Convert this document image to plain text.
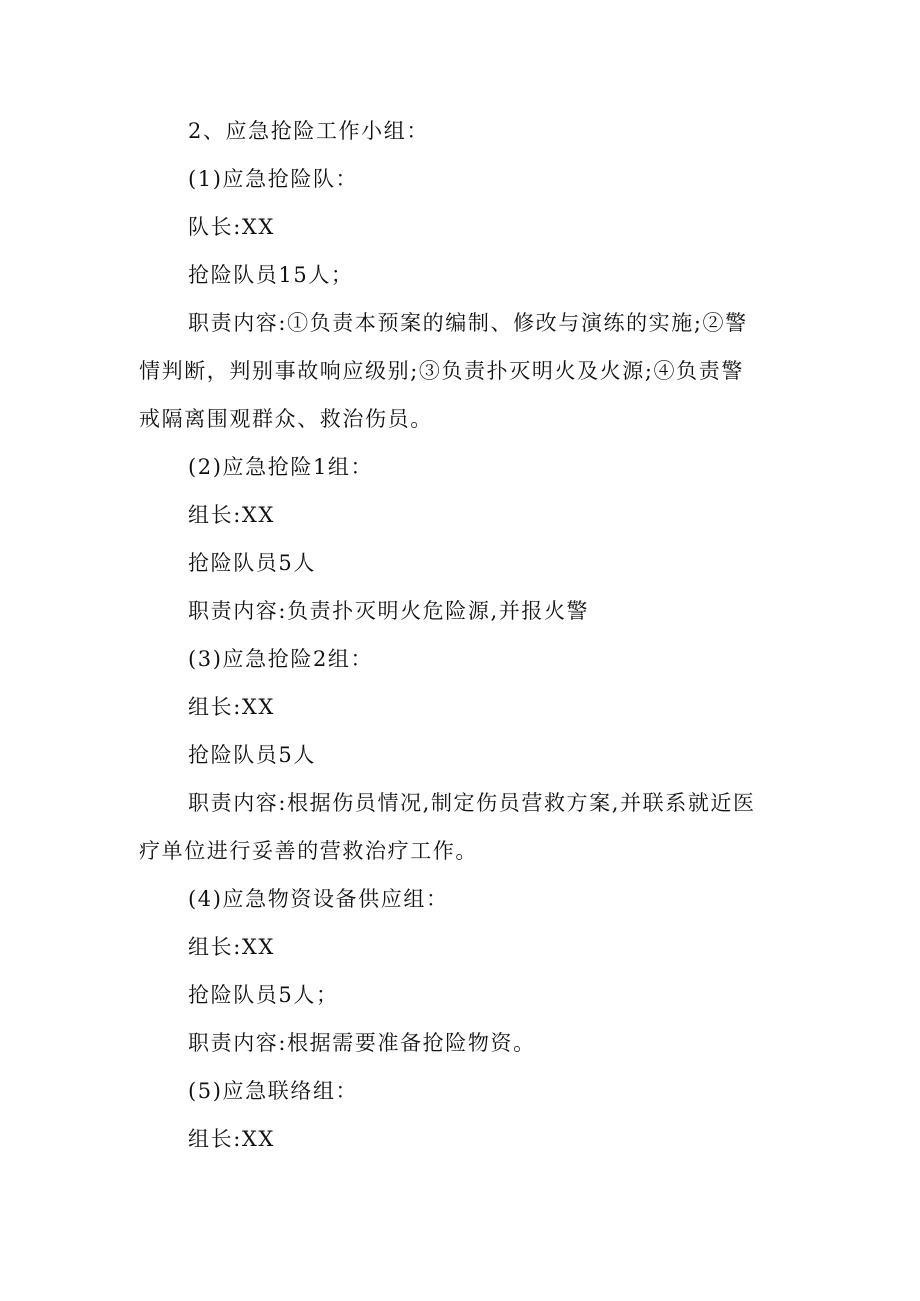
2、应急抢险工作小组：
(1)应急抢险队：
队长:XX
抢险队员15人；
职责内容:①负责本预案的编制、修改与演练的实施;②警
情判断，判别事故响应级别;③负责扑灭明火及火源;④负责警
戒隔离围观群众、救治伤员。
(2)应急抢险1组：
组长:XX
抢险队员5人
职责内容:负责扑灭明火危险源,并报火警
(3)应急抢险2组：
组长:XX
抢险队员5人
职责内容:根据伤员情况,制定伤员营救方案,并联系就近医
疗单位进行妥善的营救治疗工作。
(4)应急物资设备供应组：
组长:XX
抢险队员5人；
职责内容:根据需要准备抢险物资。
(5)应急联络组：
组长:XX
